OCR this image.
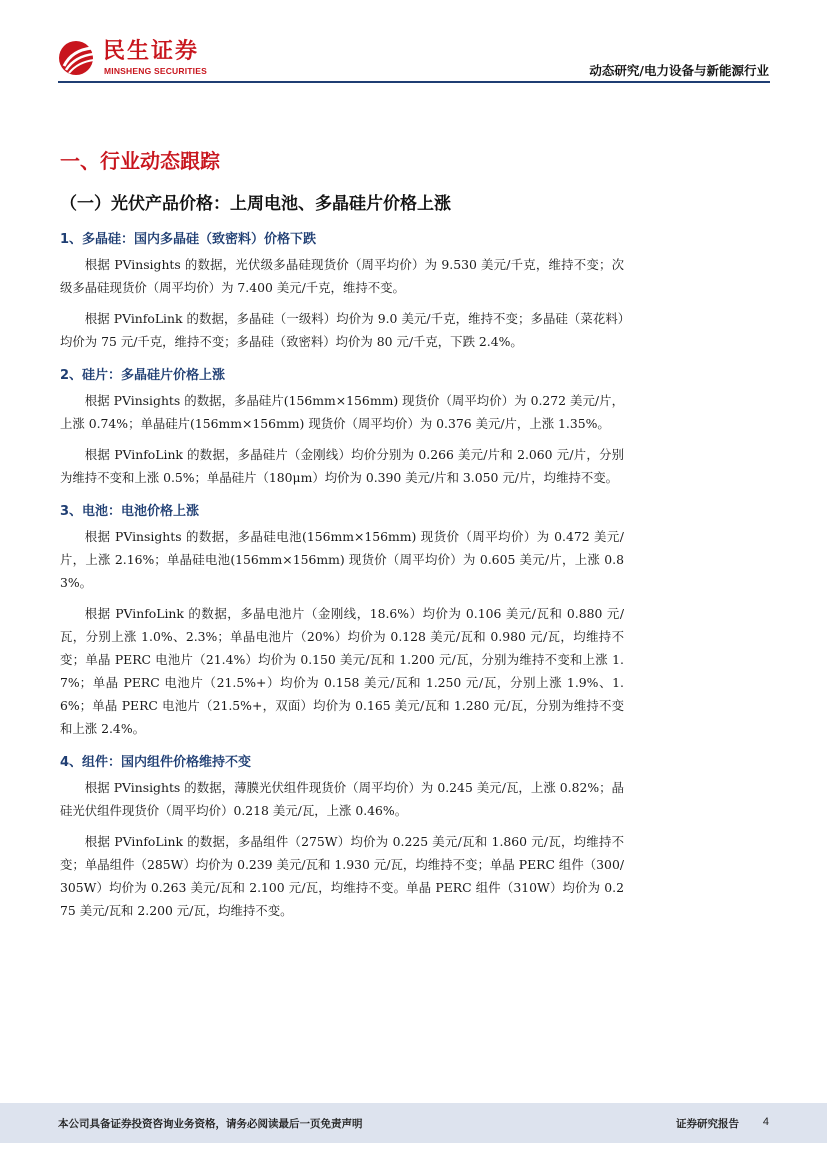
民生证券
MINSHENG SECURITIES	动态研究/电力设备与新能源行业
一、行业动态跟踪
（一）光伏产品价格：上周电池、多晶硅片价格上涨
1、多晶硅：国内多晶硅（致密料）价格下跌

根据 PVinsights 的数据，光伏级多晶硅现货价（周平均价）为 9.530 美元/千克，维持不变；次级多晶硅现货价（周平均价）为 7.400 美元/千克，维持不变。

根据 PVinfoLink 的数据，多晶硅（一级料）均价为 9.0 美元/千克，维持不变；多晶硅（菜花料）均价为 75 元/千克，维持不变；多晶硅（致密料）均价为 80 元/千克，下跌 2.4%。

2、硅片：多晶硅片价格上涨

根据 PVinsights 的数据，多晶硅片(156mm×156mm) 现货价（周平均价）为 0.272 美元/片，上涨 0.74%；单晶硅片(156mm×156mm) 现货价（周平均价）为 0.376 美元/片，上涨 1.35%。

根据 PVinfoLink 的数据，多晶硅片（金刚线）均价分别为 0.266 美元/片和 2.060 元/片，分别为维持不变和上涨 0.5%；单晶硅片（180μm）均价为 0.390 美元/片和 3.050 元/片，均维持不变。

3、电池：电池价格上涨

根据 PVinsights 的数据，多晶硅电池(156mm×156mm) 现货价（周平均价）为 0.472 美元/片，上涨 2.16%；单晶硅电池(156mm×156mm) 现货价（周平均价）为 0.605 美元/片，上涨 0.83%。

根据 PVinfoLink 的数据，多晶电池片（金刚线，18.6%）均价为 0.106 美元/瓦和 0.880 元/瓦，分别上涨 1.0%、2.3%；单晶电池片（20%）均价为 0.128 美元/瓦和 0.980 元/瓦，均维持不变；单晶 PERC 电池片（21.4%）均价为 0.150 美元/瓦和 1.200 元/瓦，分别为维持不变和上涨 1.7%；单晶 PERC 电池片（21.5%+）均价为 0.158 美元/瓦和 1.250 元/瓦，分别上涨 1.9%、1.6%；单晶 PERC 电池片（21.5%+，双面）均价为 0.165 美元/瓦和 1.280 元/瓦，分别为维持不变和上涨 2.4%。

4、组件：国内组件价格维持不变

根据 PVinsights 的数据，薄膜光伏组件现货价（周平均价）为 0.245 美元/瓦，上涨 0.82%；晶硅光伏组件现货价（周平均价）0.218 美元/瓦，上涨 0.46%。

根据 PVinfoLink 的数据，多晶组件（275W）均价为 0.225 美元/瓦和 1.860 元/瓦，均维持不变；单晶组件（285W）均价为 0.239 美元/瓦和 1.930 元/瓦，均维持不变；单晶 PERC 组件（300/305W）均价为 0.263 美元/瓦和 2.100 元/瓦，均维持不变。单晶 PERC 组件（310W）均价为 0.275 美元/瓦和 2.200 元/瓦，均维持不变。

本公司具备证券投资咨询业务资格，请务必阅读最后一页免责声明	证券研究报告 4
